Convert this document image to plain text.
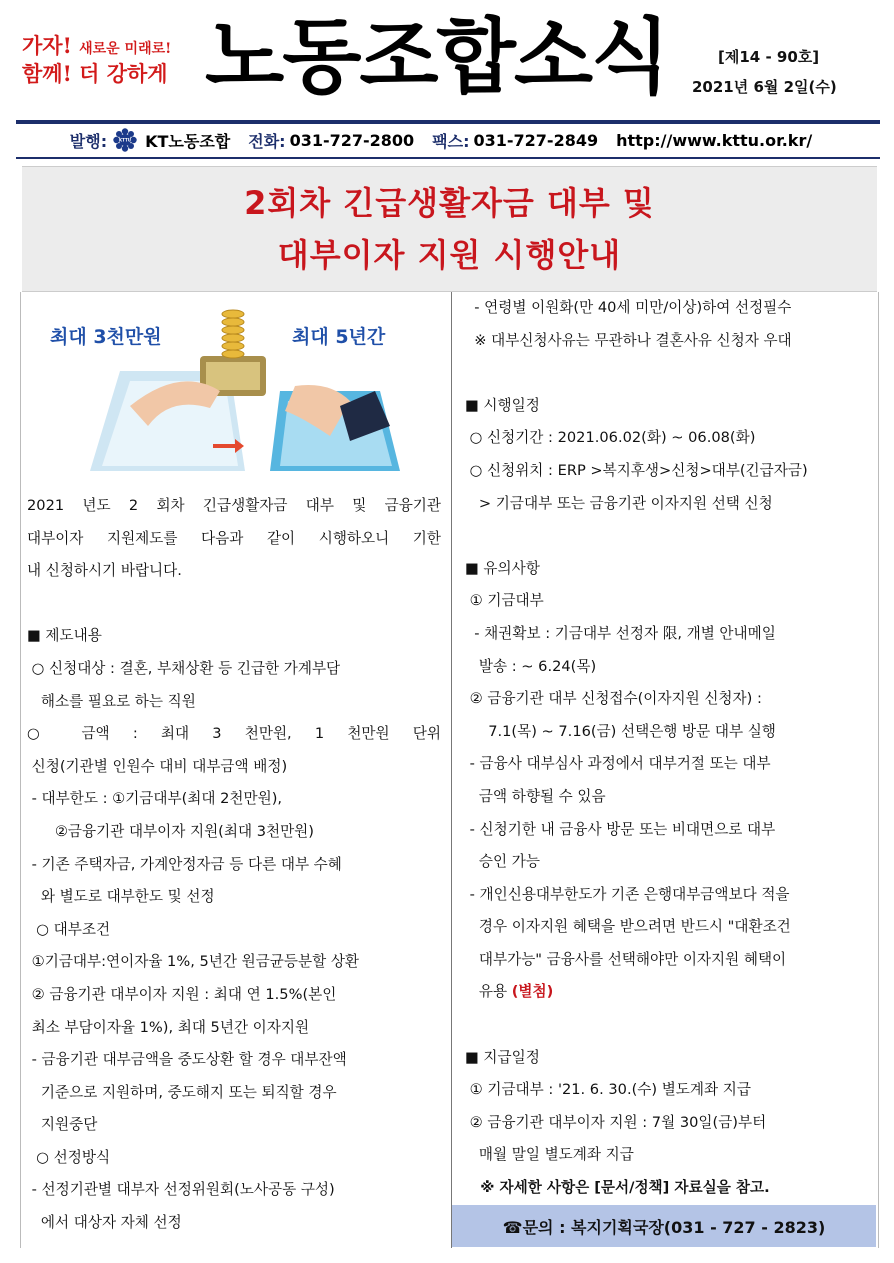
가자! 새로운 미래로!
함께! 더 강하게 노동조합소식	[제14 - 90호]
2021년 6월 2일(수)
발행:	KTTU KT노동조합 전화: 031-727-2800 팩스: 031-727-2849 http://www.kttu.or.kr/
2회차 긴급생활자금 대부 및
대부이자 지원 시행안내
최대 3천만원	최대 5년간

2021 년도 2 회차 긴급생활자금 대부 및 금융기관

대부이자 지원제도를 다음과 같이 시행하오니 기한

내 신청하시기 바랍니다.

■ 제도내용

○ 신청대상 : 결혼, 부채상환 등 긴급한 가계부담

해소를 필요로 하는 직원

○ 금액 : 최대 3 천만원, 1 천만원 단위

신청(기관별 인원수 대비 대부금액 배정)

- 대부한도 : ①기금대부(최대 2천만원),

②금융기관 대부이자 지원(최대 3천만원)

- 기존 주택자금, 가계안정자금 등 다른 대부 수혜

와 별도로 대부한도 및 선정

○ 대부조건

①기금대부:연이자율 1%, 5년간 원금균등분할 상환

② 금융기관 대부이자 지원 : 최대 연 1.5%(본인

최소 부담이자율 1%), 최대 5년간 이자지원

- 금융기관 대부금액을 중도상환 할 경우 대부잔액

기준으로 지원하며, 중도해지 또는 퇴직할 경우

지원중단

○ 선정방식

- 선정기관별 대부자 선정위원회(노사공동 구성)

에서 대상자 자체 선정

- 연령별 이원화(만 40세 미만/이상)하여 선정필수

※ 대부신청사유는 무관하나 결혼사유 신청자 우대

■ 시행일정

○ 신청기간 : 2021.06.02(화) ~ 06.08(화)

○ 신청위치 : ERP >복지후생>신청>대부(긴급자금)

> 기금대부 또는 금융기관 이자지원 선택 신청

■ 유의사항

① 기금대부

- 채권확보 : 기금대부 선정자 限, 개별 안내메일

발송 : ~ 6.24(목)

② 금융기관 대부 신청접수(이자지원 신청자) :

7.1(목) ~ 7.16(금) 선택은행 방문 대부 실행

- 금융사 대부심사 과정에서 대부거절 또는 대부

금액 하향될 수 있음

- 신청기한 내 금융사 방문 또는 비대면으로 대부

승인 가능

- 개인신용대부한도가 기존 은행대부금액보다 적을

경우 이자지원 혜택을 받으려면 반드시 "대환조건

대부가능" 금융사를 선택해야만 이자지원 혜택이

유용 (별첨)

■ 지급일정

① 기금대부 : '21. 6. 30.(수) 별도계좌 지급

② 금융기관 대부이자 지원 : 7월 30일(금)부터

매월 말일 별도계좌 지급

※ 자세한 사항은 [문서/정책] 자료실을 참고.

☎문의 : 복지기획국장(031 - 727 - 2823)
